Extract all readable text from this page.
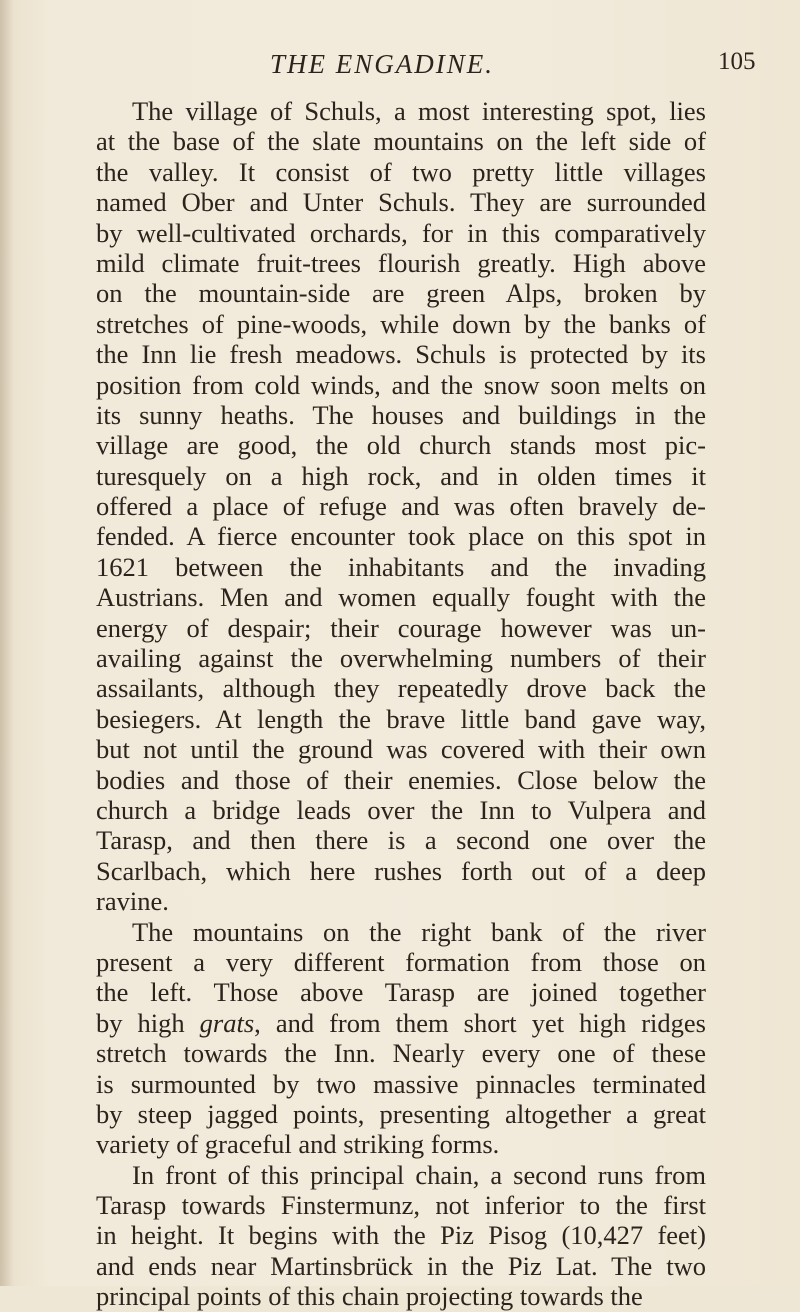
THE ENGADINE.	105
The village of Schuls, a most interesting spot, lies
at the base of the slate mountains on the left side of
the valley. It consist of two pretty little villages
named Ober and Unter Schuls. They are surrounded
by well-cultivated orchards, for in this comparatively
mild climate fruit-trees flourish greatly. High above
on the mountain-side are green Alps, broken by
stretches of pine-woods, while down by the banks of
the Inn lie fresh meadows. Schuls is protected by its
position from cold winds, and the snow soon melts on
its sunny heaths. The houses and buildings in the
village are good, the old church stands most pic-
turesquely on a high rock, and in olden times it
offered a place of refuge and was often bravely de-
fended. A fierce encounter took place on this spot in
1621 between the inhabitants and the invading
Austrians. Men and women equally fought with the
energy of despair; their courage however was un-
availing against the overwhelming numbers of their
assailants, although they repeatedly drove back the
besiegers. At length the brave little band gave way,
but not until the ground was covered with their own
bodies and those of their enemies. Close below the
church a bridge leads over the Inn to Vulpera and
Tarasp, and then there is a second one over the
Scarlbach, which here rushes forth out of a deep
ravine.
The mountains on the right bank of the river
present a very different formation from those on
the left. Those above Tarasp are joined together
by high grats, and from them short yet high ridges
stretch towards the Inn. Nearly every one of these
is surmounted by two massive pinnacles terminated
by steep jagged points, presenting altogether a great
variety of graceful and striking forms.
In front of this principal chain, a second runs from
Tarasp towards Finstermunz, not inferior to the first
in height. It begins with the Piz Pisog (10,427 feet)
and ends near Martinsbrück in the Piz Lat. The two
principal points of this chain projecting towards the
